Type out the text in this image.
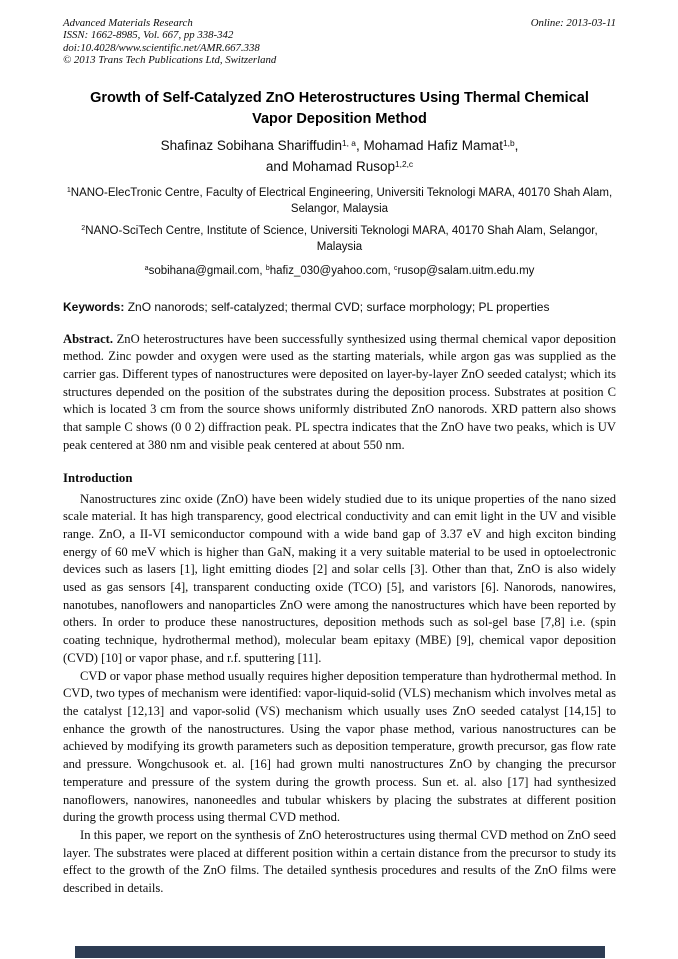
Advanced Materials Research
ISSN: 1662-8985, Vol. 667, pp 338-342
doi:10.4028/www.scientific.net/AMR.667.338
© 2013 Trans Tech Publications Ltd, Switzerland
Online: 2013-03-11
Growth of Self-Catalyzed ZnO Heterostructures Using Thermal Chemical
Vapor Deposition Method
Shafinaz Sobihana Shariffudin$^{1, a}$, Mohamad Hafiz Mamat$^{1,b}$,
and Mohamad Rusop$^{1,2,c}$
$^1$NANO-ElecTronic Centre, Faculty of Electrical Engineering, Universiti Teknologi MARA, 40170 Shah Alam, Selangor, Malaysia
$^2$NANO-SciTech Centre, Institute of Science, Universiti Teknologi MARA, 40170 Shah Alam, Selangor, Malaysia
$^a$sobihana@gmail.com, $^b$hafiz_030@yahoo.com, $^c$rusop@salam.uitm.edu.my
Keywords: ZnO nanorods; self-catalyzed; thermal CVD; surface morphology; PL properties

Abstract. ZnO heterostructures have been successfully synthesized using thermal chemical vapor deposition method. Zinc powder and oxygen were used as the starting materials, while argon gas was supplied as the carrier gas. Different types of nanostructures were deposited on layer-by-layer ZnO seeded catalyst; which its structures depended on the position of the substrates during the deposition process. Substrates at position C which is located 3 cm from the source shows uniformly distributed ZnO nanorods. XRD pattern also shows that sample C shows (0 0 2) diffraction peak. PL spectra indicates that the ZnO have two peaks, which is UV peak centered at 380 nm and visible peak centered at about 550 nm.

Introduction

Nanostructures zinc oxide (ZnO) have been widely studied due to its unique properties of the nano sized scale material. It has high transparency, good electrical conductivity and can emit light in the UV and visible range. ZnO, a II-VI semiconductor compound with a wide band gap of 3.37 eV and high exciton binding energy of 60 meV which is higher than GaN, making it a very suitable material to be used in optoelectronic devices such as lasers [1], light emitting diodes [2] and solar cells [3]. Other than that, ZnO is also widely used as gas sensors [4], transparent conducting oxide (TCO) [5], and varistors [6]. Nanorods, nanowires, nanotubes, nanoflowers and nanoparticles ZnO were among the nanostructures which have been reported by others. In order to produce these nanostructures, deposition methods such as sol-gel base [7,8] i.e. (spin coating technique, hydrothermal method), molecular beam epitaxy (MBE) [9], chemical vapor deposition (CVD) [10] or vapor phase, and r.f. sputtering [11].

CVD or vapor phase method usually requires higher deposition temperature than hydrothermal method. In CVD, two types of mechanism were identified: vapor-liquid-solid (VLS) mechanism which involves metal as the catalyst [12,13] and vapor-solid (VS) mechanism which usually uses ZnO seeded catalyst [14,15] to enhance the growth of the nanostructures. Using the vapor phase method, various nanostructures can be achieved by modifying its growth parameters such as deposition temperature, growth precursor, gas flow rate and pressure. Wongchusook et. al. [16] had grown multi nanostructures ZnO by changing the precursor temperature and pressure of the system during the growth process. Sun et. al. also [17] had synthesized nanoflowers, nanowires, nanoneedles and tubular whiskers by placing the substrates at different position during the growth process using thermal CVD method.

In this paper, we report on the synthesis of ZnO heterostructures using thermal CVD method on ZnO seed layer. The substrates were placed at different position within a certain distance from the precursor to study its effect to the growth of the ZnO films. The detailed synthesis procedures and results of the ZnO films were described in details.
